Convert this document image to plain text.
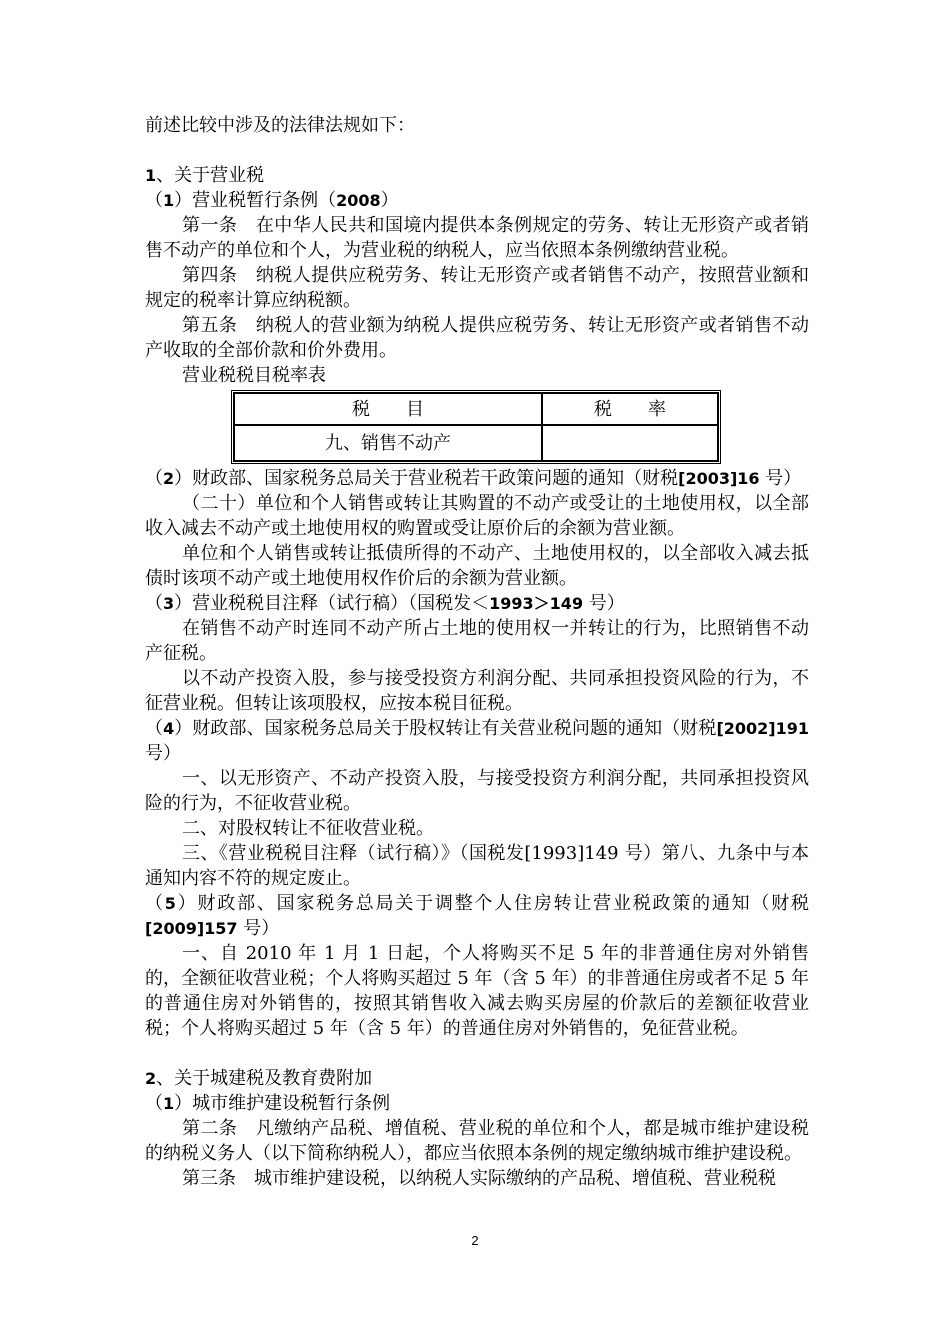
前述比较中涉及的法律法规如下：

1、关于营业税

（1）营业税暂行条例（2008）

第一条　在中华人民共和国境内提供本条例规定的劳务、转让无形资产或者销售不动产的单位和个人，为营业税的纳税人，应当依照本条例缴纳营业税。

第四条　纳税人提供应税劳务、转让无形资产或者销售不动产，按照营业额和规定的税率计算应纳税额。

第五条　纳税人的营业额为纳税人提供应税劳务、转让无形资产或者销售不动产收取的全部价款和价外费用。

营业税税目税率表

税　　目	税　　率
九、销售不动产	

（2）财政部、国家税务总局关于营业税若干政策问题的通知（财税[2003]16 号）

（二十）单位和个人销售或转让其购置的不动产或受让的土地使用权，以全部收入减去不动产或土地使用权的购置或受让原价后的余额为营业额。

单位和个人销售或转让抵债所得的不动产、土地使用权的，以全部收入减去抵债时该项不动产或土地使用权作价后的余额为营业额。

（3）营业税税目注释（试行稿）（国税发＜1993＞149 号）

在销售不动产时连同不动产所占土地的使用权一并转让的行为，比照销售不动产征税。

以不动产投资入股，参与接受投资方利润分配、共同承担投资风险的行为，不征营业税。但转让该项股权，应按本税目征税。

（4）财政部、国家税务总局关于股权转让有关营业税问题的通知（财税[2002]191号）

一、以无形资产、不动产投资入股，与接受投资方利润分配，共同承担投资风险的行为，不征收营业税。

二、对股权转让不征收营业税。

三、《营业税税目注释（试行稿）》（国税发[1993]149 号）第八、九条中与本通知内容不符的规定废止。

（5）财政部、国家税务总局关于调整个人住房转让营业税政策的通知（财税[2009]157 号）

一、自 2010 年 1 月 1 日起，个人将购买不足 5 年的非普通住房对外销售的，全额征收营业税；个人将购买超过 5 年（含 5 年）的非普通住房或者不足 5 年的普通住房对外销售的，按照其销售收入减去购买房屋的价款后的差额征收营业税；个人将购买超过 5 年（含 5 年）的普通住房对外销售的，免征营业税。

2、关于城建税及教育费附加

（1）城市维护建设税暂行条例

第二条　凡缴纳产品税、增值税、营业税的单位和个人，都是城市维护建设税的纳税义务人（以下简称纳税人），都应当依照本条例的规定缴纳城市维护建设税。

第三条　城市维护建设税，以纳税人实际缴纳的产品税、增值税、营业税税

2
